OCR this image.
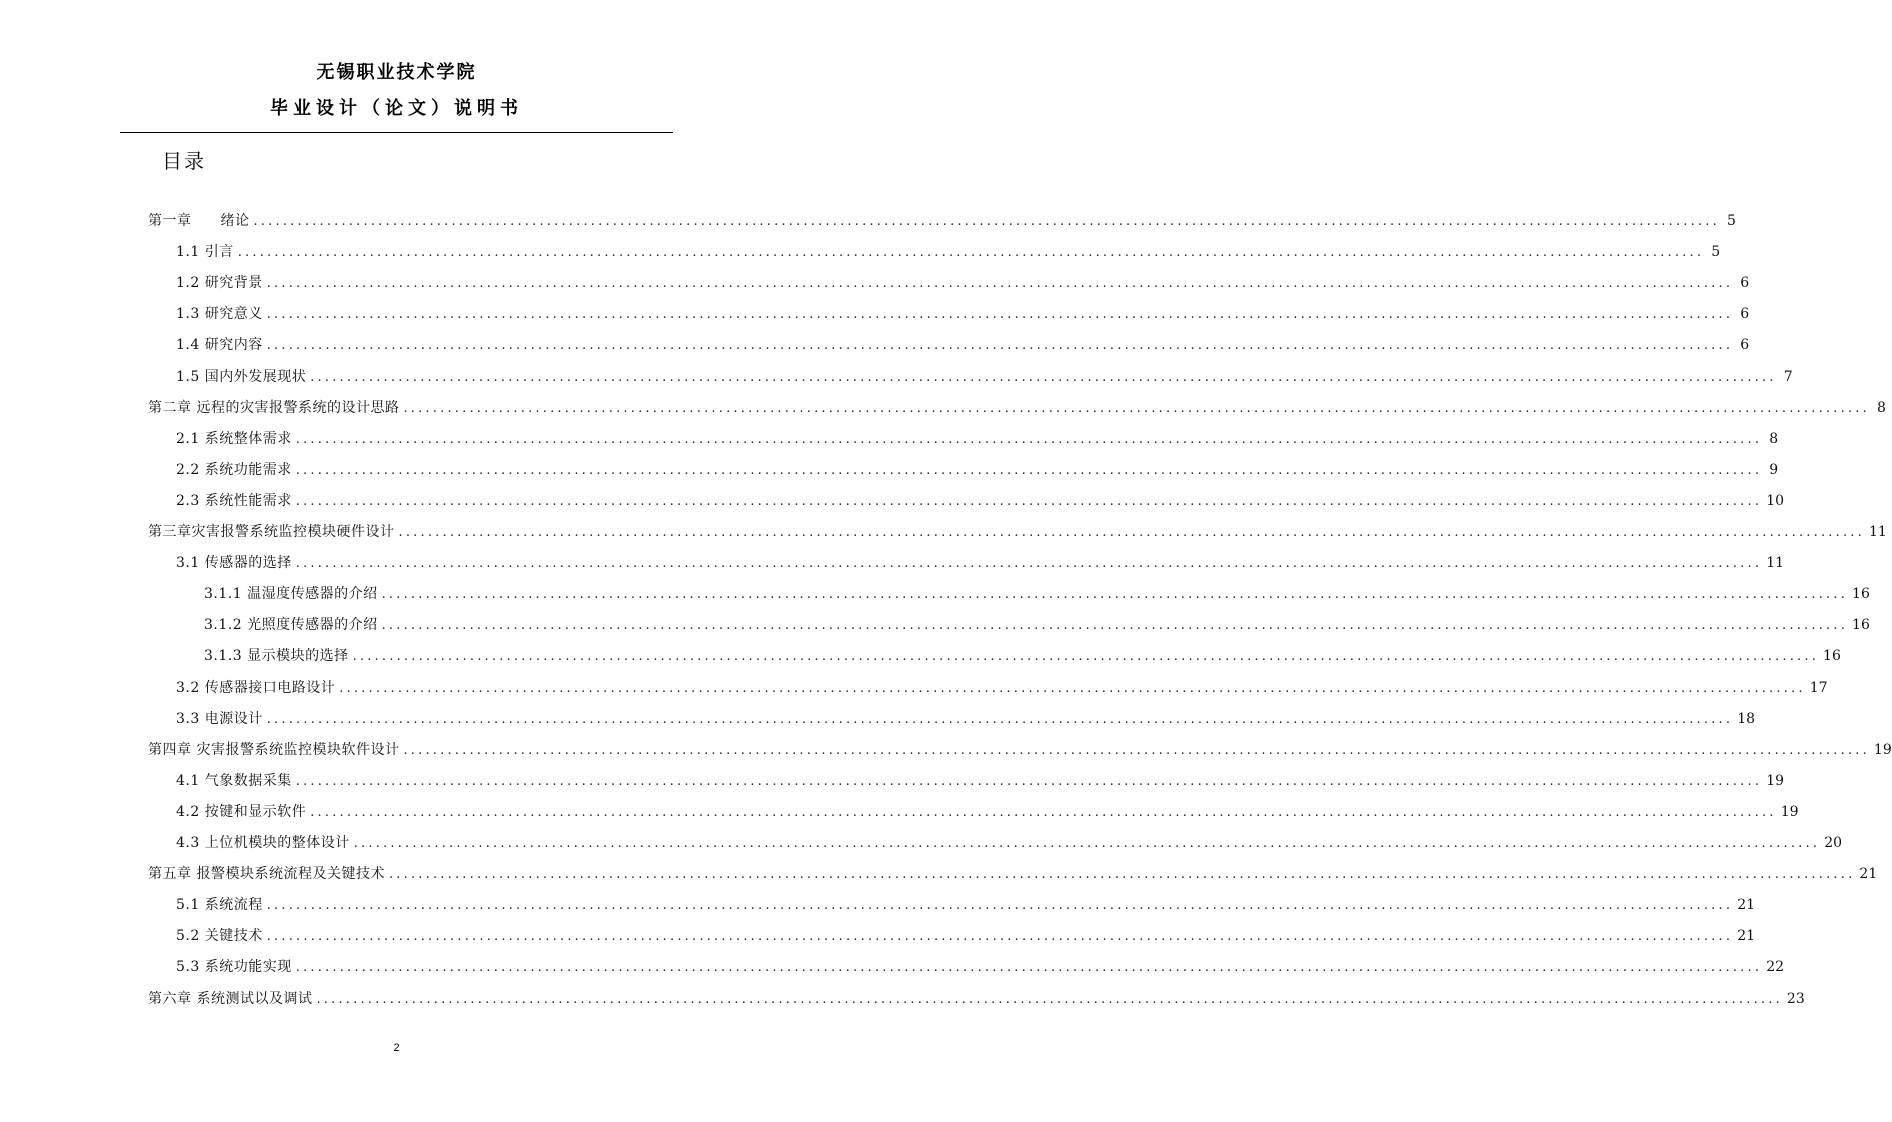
无锡职业技术学院
毕业设计（论文）说明书
目录
第一章　　绪论 ........................................................................................................................................................................................................ 5
1.1 引言 ........................................................................................................................................................................................................ 5
1.2 研究背景 ........................................................................................................................................................................................................ 6
1.3 研究意义 ........................................................................................................................................................................................................ 6
1.4 研究内容 ........................................................................................................................................................................................................ 6
1.5 国内外发展现状 ........................................................................................................................................................................................................ 7
第二章 远程的灾害报警系统的设计思路 ........................................................................................................................................................................................................ 8
2.1 系统整体需求 ........................................................................................................................................................................................................ 8
2.2 系统功能需求 ........................................................................................................................................................................................................ 9
2.3 系统性能需求 ........................................................................................................................................................................................................ 10
第三章灾害报警系统监控模块硬件设计 ........................................................................................................................................................................................................ 11
3.1 传感器的选择 ........................................................................................................................................................................................................ 11
3.1.1 温湿度传感器的介绍 ........................................................................................................................................................................................................ 16
3.1.2 光照度传感器的介绍 ........................................................................................................................................................................................................ 16
3.1.3 显示模块的选择 ........................................................................................................................................................................................................ 16
3.2 传感器接口电路设计 ........................................................................................................................................................................................................ 17
3.3 电源设计 ........................................................................................................................................................................................................ 18
第四章 灾害报警系统监控模块软件设计 ........................................................................................................................................................................................................ 19
4.1 气象数据采集 ........................................................................................................................................................................................................ 19
4.2 按键和显示软件 ........................................................................................................................................................................................................ 19
4.3 上位机模块的整体设计 ........................................................................................................................................................................................................ 20
第五章 报警模块系统流程及关键技术 ........................................................................................................................................................................................................ 21
5.1 系统流程 ........................................................................................................................................................................................................ 21
5.2 关键技术 ........................................................................................................................................................................................................ 21
5.3 系统功能实现 ........................................................................................................................................................................................................ 22
第六章 系统测试以及调试 ........................................................................................................................................................................................................ 23
2
